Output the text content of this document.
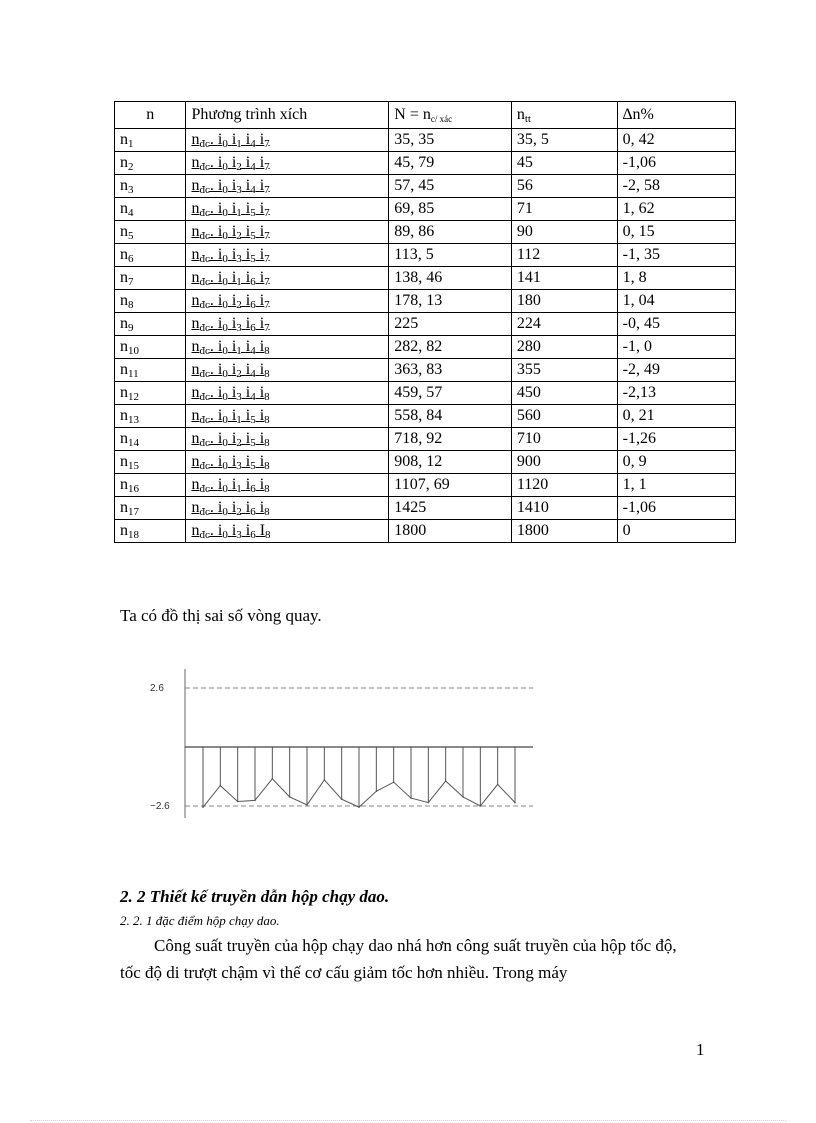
n	Phương trình xích	$N = n_{c/ xác}$	$n_{tt}$	∆n%
$n_1$	$n_{đc}$. $i_0$ $i_1$ $i_4$ $i_7$	35, 35	35, 5	0, 42
$n_2$	$n_{đc}$. $i_0$ $i_2$ $i_4$ $i_7$	45, 79	45	-1,06
$n_3$	$n_{đc}$. $i_0$ $i_3$ $i_4$ $i_7$	57, 45	56	-2, 58
$n_4$	$n_{đc}$. $i_0$ $i_1$ $i_5$ $i_7$	69, 85	71	1, 62
$n_5$	$n_{đc}$. $i_0$ $i_2$ $i_5$ $i_7$	89, 86	90	0, 15
$n_6$	$n_{đc}$. $i_0$ $i_3$ $i_5$ $i_7$	113, 5	112	-1, 35
$n_7$	$n_{đc}$. $i_0$ $i_1$ $i_6$ $i_7$	138, 46	141	1, 8
$n_8$	$n_{đc}$. $i_0$ $i_2$ $i_6$ $i_7$	178, 13	180	1, 04
$n_9$	$n_{đc}$. $i_0$ $i_3$ $i_6$ $i_7$	225	224	-0, 45
$n_{10}$	$n_{đc}$. $i_0$ $i_1$ $i_4$ $i_8$	282, 82	280	-1, 0
$n_{11}$	$n_{đc}$. $i_0$ $i_2$ $i_4$ $i_8$	363, 83	355	-2, 49
$n_{12}$	$n_{đc}$. $i_0$ $i_3$ $i_4$ $i_8$	459, 57	450	-2,13
$n_{13}$	$n_{đc}$. $i_0$ $i_1$ $i_5$ $i_8$	558, 84	560	0, 21
$n_{14}$	$n_{đc}$. $i_0$ $i_2$ $i_5$ $i_8$	718, 92	710	-1,26
$n_{15}$	$n_{đc}$. $i_0$ $i_3$ $i_5$ $i_8$	908, 12	900	0, 9
$n_{16}$	$n_{đc}$. $i_0$ $i_1$ $i_6$ $i_8$	1107, 69	1120	1, 1
$n_{17}$	$n_{đc}$. $i_0$ $i_2$ $i_6$ $i_8$	1425	1410	-1,06
$n_{18}$	$n_{đc}$. $i_0$ $i_3$ $i_6$ $I_8$	1800	1800	0
Ta có đồ thị sai số vòng quay.
2.6
−2.6
2. 2 Thiết kế truyền dẫn hộp chạy dao.
2. 2. 1 đặc điểm hộp chạy dao.
Công suất truyền của hộp chạy dao nhá hơn công suất truyền của hộp tốc độ, tốc độ di trượt chậm vì thế cơ cấu giảm tốc hơn nhiều. Trong máy
1
